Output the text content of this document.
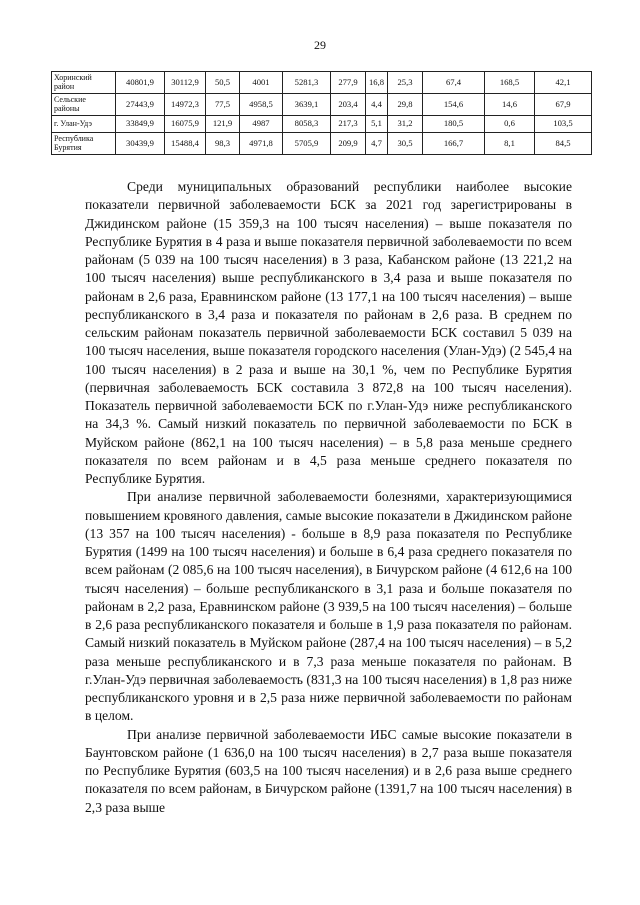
29
Хоринский район	40801,9	30112,9	50,5	4001	5281,3	277,9	16,8	25,3	67,4	168,5	42,1
Сельские районы	27443,9	14972,3	77,5	4958,5	3639,1	203,4	4,4	29,8	154,6	14,6	67,9
г. Улан-Удэ	33849,9	16075,9	121,9	4987	8058,3	217,3	5,1	31,2	180,5	0,6	103,5
Республика Бурятия	30439,9	15488,4	98,3	4971,8	5705,9	209,9	4,7	30,5	166,7	8,1	84,5

Среди муниципальных образований республики наиболее высокие показатели первичной заболеваемости БСК за 2021 год зарегистрированы в Джидинском районе (15 359,3 на 100 тысяч населения) – выше показателя по Республике Бурятия в 4 раза и выше показателя первичной заболеваемости по всем районам (5 039 на 100 тысяч населения) в 3 раза, Кабанском районе (13 221,2 на 100 тысяч населения) выше республиканского в 3,4 раза и выше показателя по районам в 2,6 раза, Еравнинском районе (13 177,1 на 100 тысяч населения) – выше республиканского в 3,4 раза и показателя по районам в 2,6 раза. В среднем по сельским районам показатель первичной заболеваемости БСК составил 5 039 на 100 тысяч населения, выше показателя городского населения (Улан-Удэ) (2 545,4 на 100 тысяч населения) в 2 раза и выше на 30,1 %, чем по Республике Бурятия (первичная заболеваемость БСК составила 3 872,8 на 100 тысяч населения). Показатель первичной заболеваемости БСК по г.Улан-Удэ ниже республиканского на 34,3 %. Самый низкий показатель по первичной заболеваемости по БСК в Муйском районе (862,1 на 100 тысяч населения) – в 5,8 раза меньше среднего показателя по всем районам и в 4,5 раза меньше среднего показателя по Республике Бурятия.

При анализе первичной заболеваемости болезнями, характеризующимися повышением кровяного давления, самые высокие показатели в Джидинском районе (13 357 на 100 тысяч населения) - больше в 8,9 раза показателя по Республике Бурятия (1499 на 100 тысяч населения) и больше в 6,4 раза среднего показателя по всем районам (2 085,6 на 100 тысяч населения), в Бичурском районе (4 612,6 на 100 тысяч населения) – больше республиканского в 3,1 раза и больше показателя по районам в 2,2 раза, Еравнинском районе (3 939,5 на 100 тысяч населения) – больше в 2,6 раза республиканского показателя и больше в 1,9 раза показателя по районам. Самый низкий показатель в Муйском районе (287,4 на 100 тысяч населения) – в 5,2 раза меньше республиканского и в 7,3 раза меньше показателя по районам. В г.Улан-Удэ первичная заболеваемость (831,3 на 100 тысяч населения) в 1,8 раз ниже республиканского уровня и в 2,5 раза ниже первичной заболеваемости по районам в целом.

При анализе первичной заболеваемости ИБС самые высокие показатели в Баунтовском районе (1 636,0 на 100 тысяч населения) в 2,7 раза выше показателя по Республике Бурятия (603,5 на 100 тысяч населения) и в 2,6 раза выше среднего показателя по всем районам, в Бичурском районе (1391,7 на 100 тысяч населения) в 2,3 раза выше
